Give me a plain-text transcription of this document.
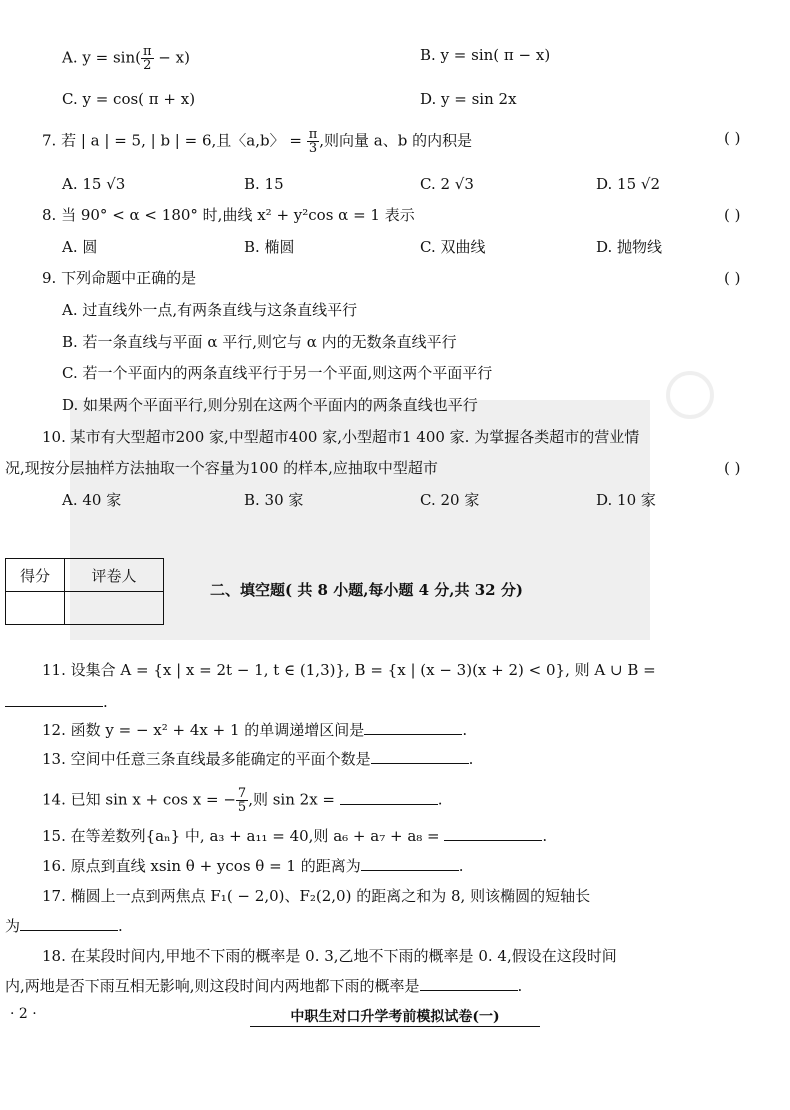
A. $y = \sin( \frac{\pi}{2} - x)$	B. y = sin( π − x)
C. y = cos( π + x)	D. y = sin 2x
7. 若 | a | = 5, | b | = 6,且〈a,b〉 = $\frac{\pi}{3}$ ,则向量 a、b 的内积是	( )
A. 15 √3	B. 15	C. 2 √3	D. 15 √2
8. 当 90° < α < 180° 时,曲线 x² + y²cos α = 1 表示	( )
A. 圆	B. 椭圆	C. 双曲线	D. 抛物线
9. 下列命题中正确的是	( )
A. 过直线外一点,有两条直线与这条直线平行
B. 若一条直线与平面 α 平行,则它与 α 内的无数条直线平行
C. 若一个平面内的两条直线平行于另一个平面,则这两个平面平行
D. 如果两个平面平行,则分别在这两个平面内的两条直线也平行
10. 某市有大型超市200 家,中型超市400 家,小型超市1 400 家. 为掌握各类超市的营业情
况,现按分层抽样方法抽取一个容量为100 的样本,应抽取中型超市	( )
A. 40 家	B. 30 家	C. 20 家	D. 10 家
得分	评卷人

二、填空题( 共 8 小题,每小题 4 分,共 32 分)
11. 设集合 A = {x | x = 2t − 1, t ∈ (1,3)}, B = {x | (x − 3)(x + 2) < 0}, 则 A ∪ B =
.
12. 函数 y = − x² + 4x + 1 的单调递增区间是	.
13. 空间中任意三条直线最多能确定的平面个数是	.
14. 已知 sin x + cos x = − $\frac{7}{5}$ ,则 sin 2x =	.
15. 在等差数列{aₙ} 中, a₃ + a₁₁ = 40,则 a₆ + a₇ + a₈ =	.
16. 原点到直线 xsin θ + ycos θ = 1 的距离为	.
17. 椭圆上一点到两焦点 F₁( − 2,0)、F₂(2,0) 的距离之和为 8, 则该椭圆的短轴长
为	.
18. 在某段时间内,甲地不下雨的概率是 0. 3,乙地不下雨的概率是 0. 4,假设在这段时间
内,两地是否下雨互相无影响,则这段时间内两地都下雨的概率是	.
· 2 ·	中职生对口升学考前模拟试卷(一)
